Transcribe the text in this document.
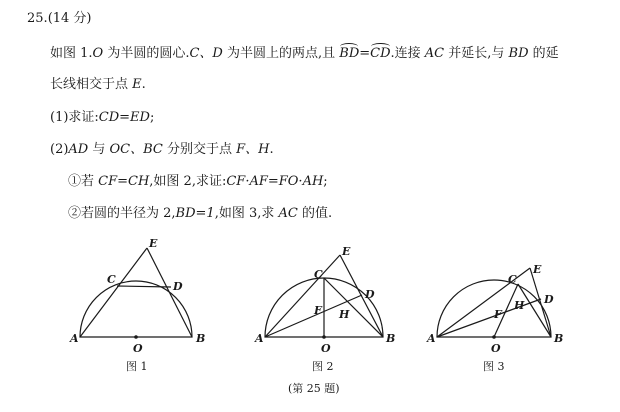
25.(14 分)
如图 1.O 为半圆的圆心.C、D 为半圆上的两点,且 BD=CD.连接 AC 并延长,与 BD 的延
长线相交于点 E.
(1)求证:CD=ED;
(2)AD 与 OC、BC 分别交于点 F、H.
①若 CF=CH,如图 2,求证:CF·AF=FO·AH;
②若圆的半径为 2,BD=1,如图 3,求 AC 的值.
A	B
C
D
E
O
图 1
A	B
C
D
E
F H
O
图 2
A	B
C
D
E
F
H
O
图 3
(第 25 题)
